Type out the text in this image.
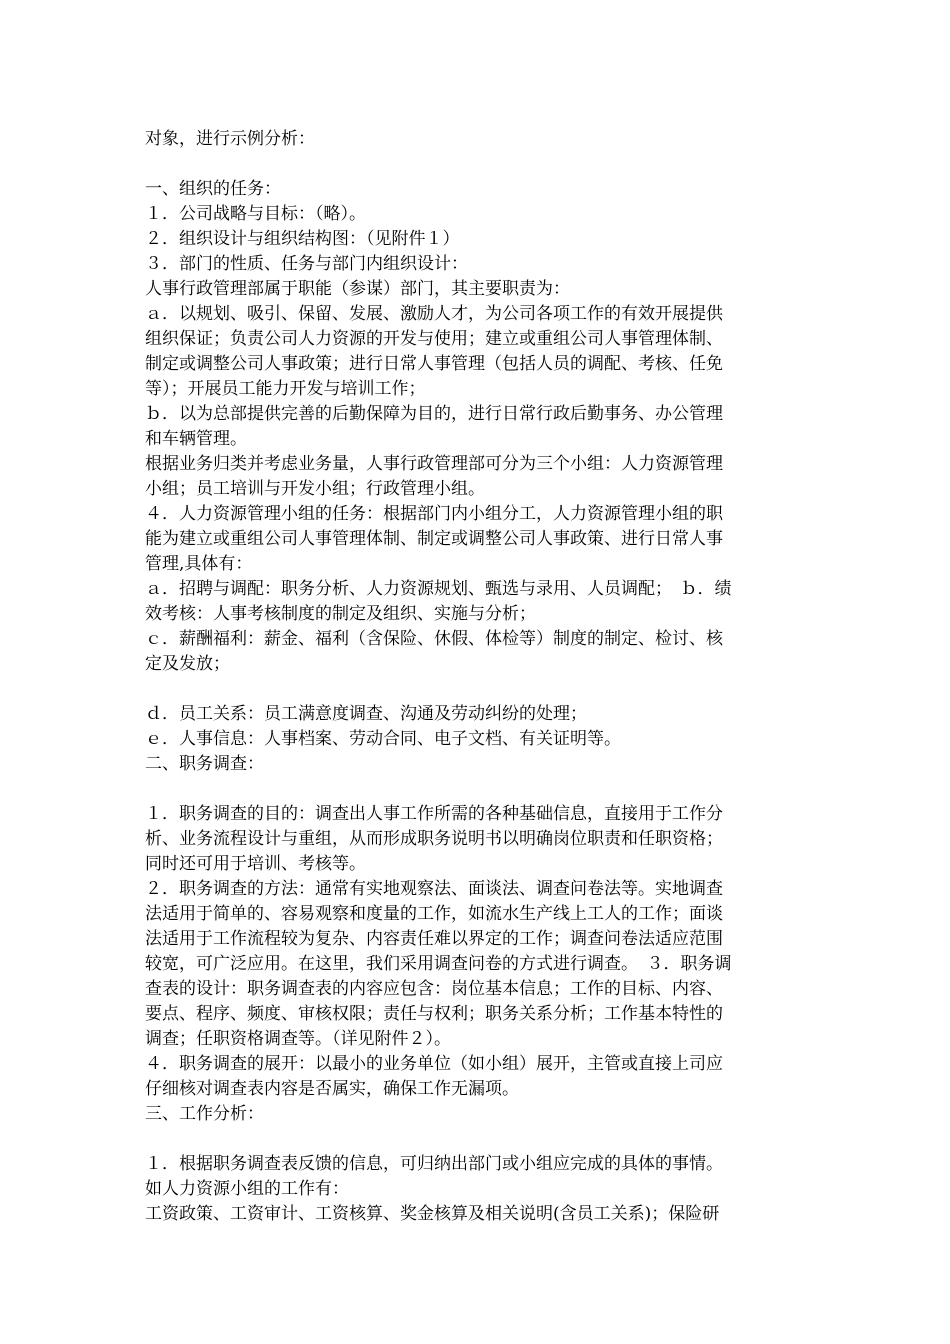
对象，进行示例分析：
一、组织的任务：
１．公司战略与目标：（略）。
２．组织设计与组织结构图：（见附件１）
３．部门的性质、任务与部门内组织设计：
人事行政管理部属于职能（参谋）部门，其主要职责为：
ａ．以规划、吸引、保留、发展、激励人才，为公司各项工作的有效开展提供
组织保证；负责公司人力资源的开发与使用；建立或重组公司人事管理体制、
制定或调整公司人事政策；进行日常人事管理（包括人员的调配、考核、任免
等）；开展员工能力开发与培训工作；
ｂ．以为总部提供完善的后勤保障为目的，进行日常行政后勤事务、办公管理
和车辆管理。
根据业务归类并考虑业务量，人事行政管理部可分为三个小组：人力资源管理
小组；员工培训与开发小组；行政管理小组。
４．人力资源管理小组的任务：根据部门内小组分工，人力资源管理小组的职
能为建立或重组公司人事管理体制、制定或调整公司人事政策、进行日常人事
管理,具体有：
ａ．招聘与调配：职务分析、人力资源规划、甄选与录用、人员调配；　ｂ．绩
效考核：人事考核制度的制定及组织、实施与分析；
ｃ．薪酬福利：薪金、福利（含保险、休假、体检等）制度的制定、检讨、核
定及发放；
ｄ．员工关系：员工满意度调查、沟通及劳动纠纷的处理；
ｅ．人事信息：人事档案、劳动合同、电子文档、有关证明等。
二、职务调查：
１．职务调查的目的：调查出人事工作所需的各种基础信息，直接用于工作分
析、业务流程设计与重组，从而形成职务说明书以明确岗位职责和任职资格；
同时还可用于培训、考核等。
２．职务调查的方法：通常有实地观察法、面谈法、调查问卷法等。实地调查
法适用于简单的、容易观察和度量的工作，如流水生产线上工人的工作；面谈
法适用于工作流程较为复杂、内容责任难以界定的工作；调查问卷法适应范围
较宽，可广泛应用。在这里，我们采用调查问卷的方式进行调查。　３．职务调
查表的设计：职务调查表的内容应包含：岗位基本信息；工作的目标、内容、
要点、程序、频度、审核权限；责任与权利；职务关系分析；工作基本特性的
调查；任职资格调查等。（详见附件２）。
４．职务调查的展开：以最小的业务单位（如小组）展开，主管或直接上司应
仔细核对调查表内容是否属实，确保工作无漏项。
三、工作分析：
１．根据职务调查表反馈的信息，可归纳出部门或小组应完成的具体的事情。
如人力资源小组的工作有：
工资政策、工资审计、工资核算、奖金核算及相关说明(含员工关系)；保险研
